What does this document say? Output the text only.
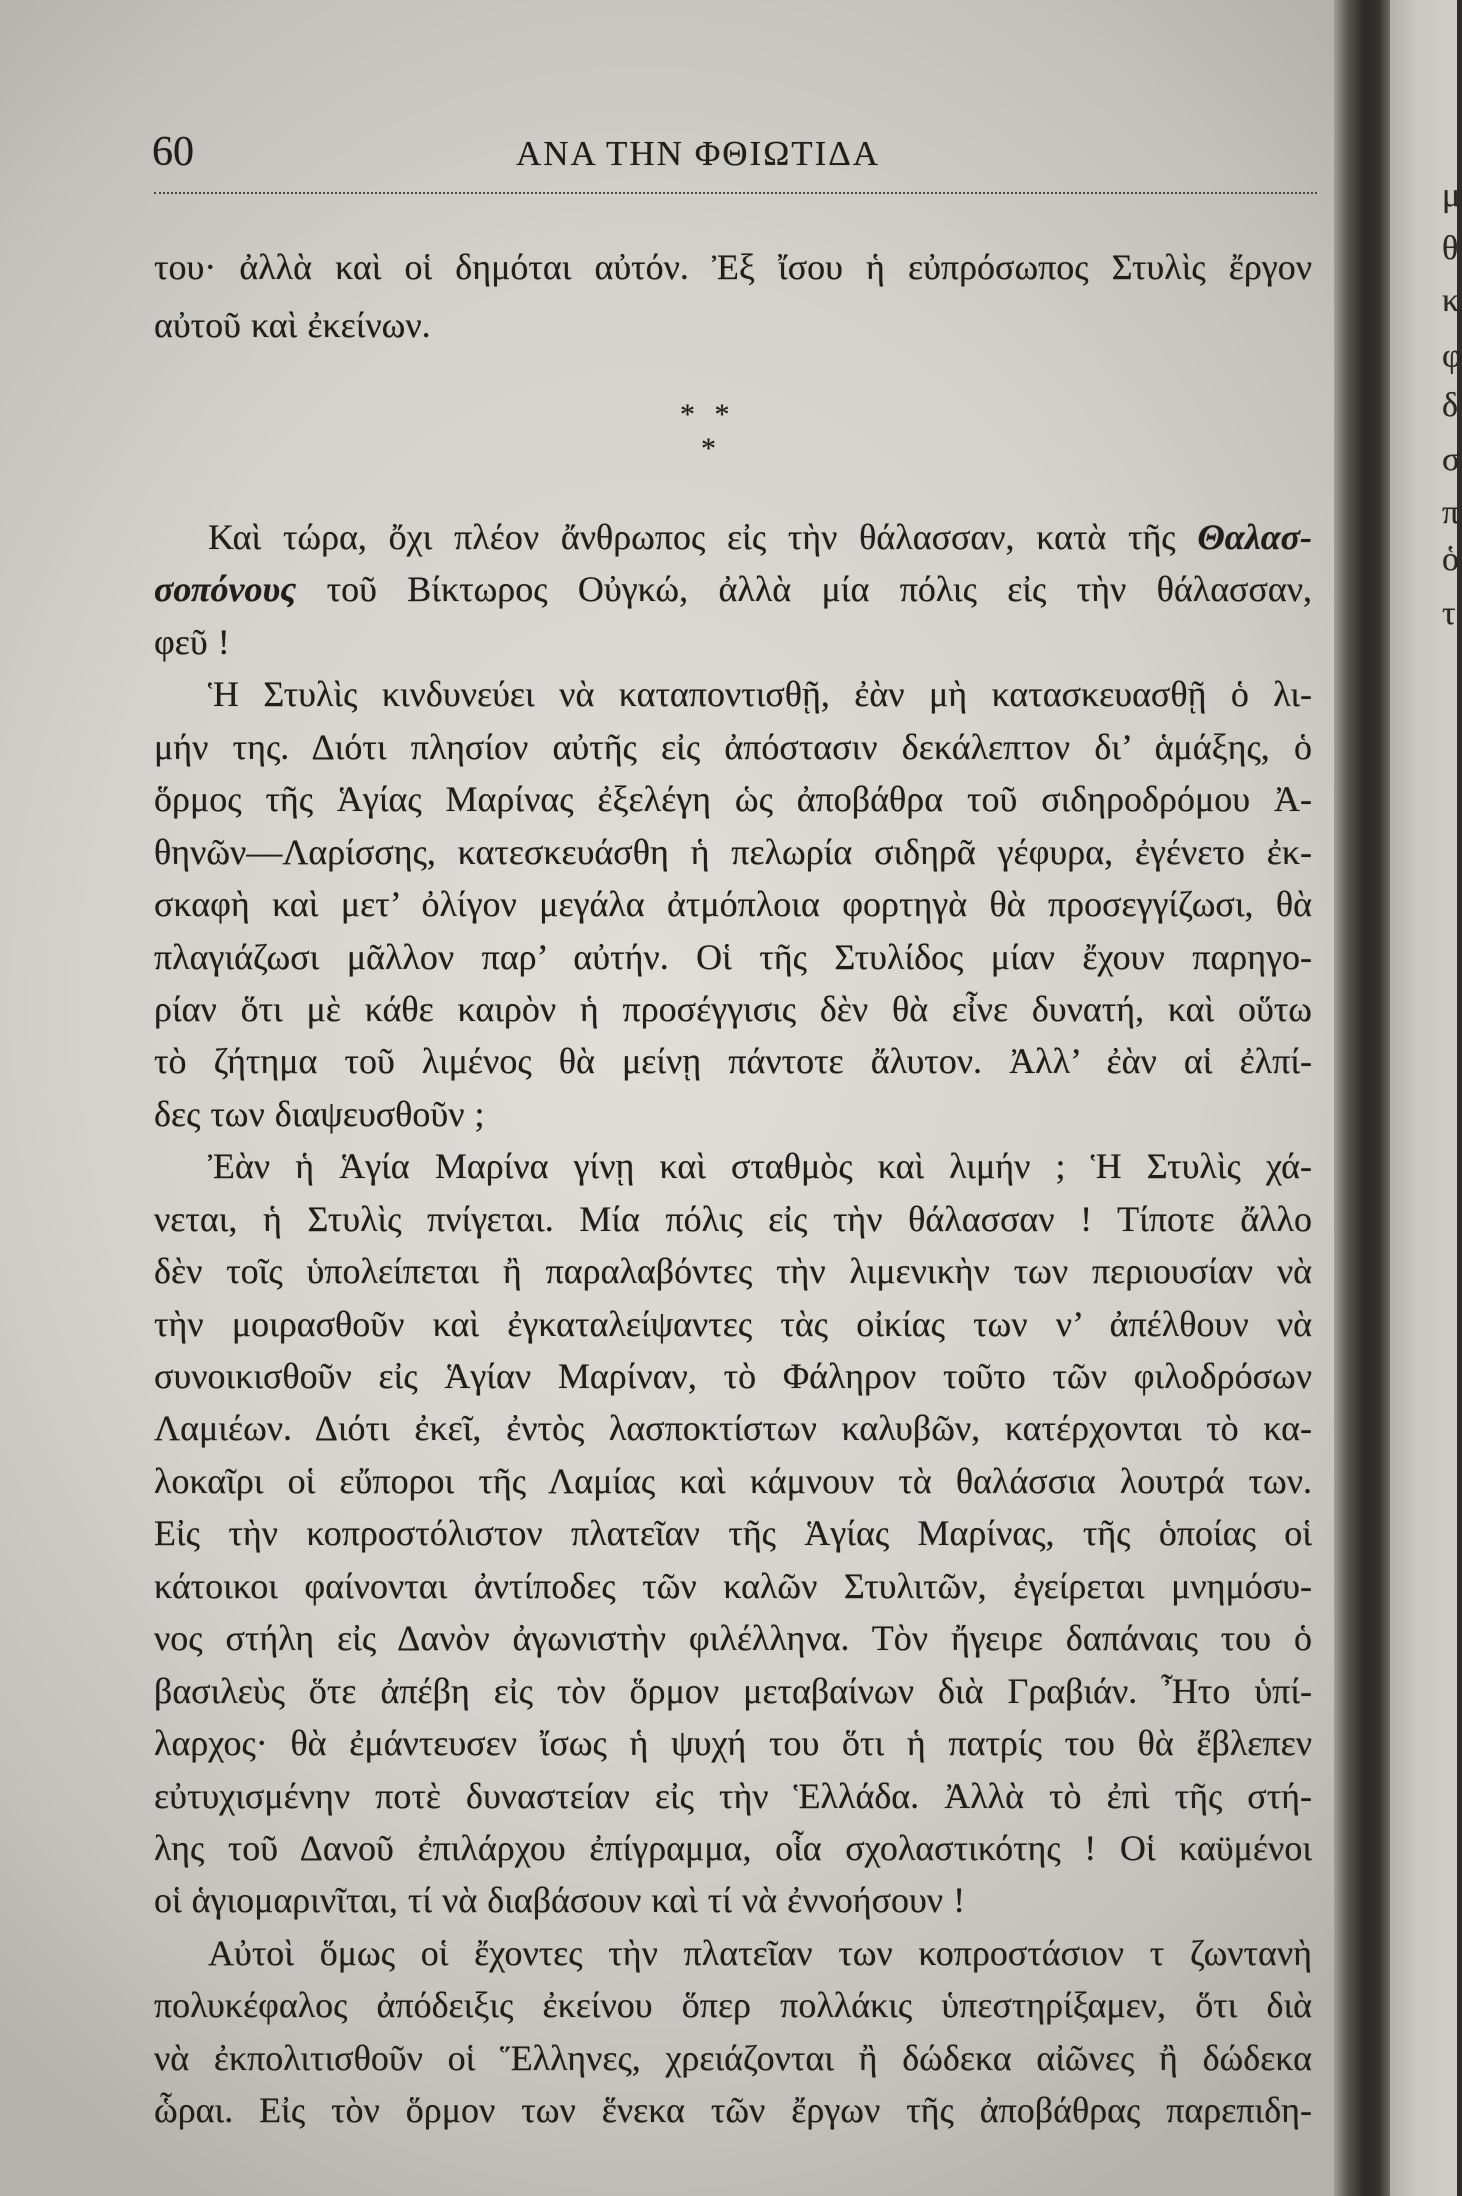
μ
θ
κ
φ
δ
σ
π
ὁ
τ
60	ΑΝΑ ΤΗΝ ΦΘΙΩΤΙΔΑ
του· ἀλλὰ καὶ οἱ δημόται αὐτόν. Ἐξ ἴσου ἡ εὐπρόσωπος Στυλὶς ἔργον
αὐτοῦ καὶ ἐκείνων.
* *
*
Καὶ τώρα, ὄχι πλέον ἄνθρωπος εἰς τὴν θάλασσαν, κατὰ τῆς Θαλασ-
σοπόνους τοῦ Βίκτωρος Οὐγκώ, ἀλλὰ μία πόλις εἰς τὴν θάλασσαν,
φεῦ !
Ἡ Στυλὶς κινδυνεύει νὰ καταποντισθῇ, ἐὰν μὴ κατασκευασθῇ ὁ λι-
μήν της. Διότι πλησίον αὐτῆς εἰς ἀπόστασιν δεκάλεπτον δι’ ἁμάξης, ὁ
ὅρμος τῆς Ἁγίας Μαρίνας ἐξελέγη ὡς ἀποβάθρα τοῦ σιδηροδρόμου Ἀ-
θηνῶν—Λαρίσσης, κατεσκευάσθη ἡ πελωρία σιδηρᾶ γέφυρα, ἐγένετο ἐκ-
σκαφὴ καὶ μετ’ ὀλίγον μεγάλα ἀτμόπλοια φορτηγὰ θὰ προσεγγίζωσι, θὰ
πλαγιάζωσι μᾶλλον παρ’ αὐτήν. Οἱ τῆς Στυλίδος μίαν ἔχουν παρηγο-
ρίαν ὅτι μὲ κάθε καιρὸν ἡ προσέγγισις δὲν θὰ εἶνε δυνατή, καὶ οὕτω
τὸ ζήτημα τοῦ λιμένος θὰ μείνῃ πάντοτε ἄλυτον. Ἀλλ’ ἐὰν αἱ ἐλπί-
δες των διαψευσθοῦν ;
Ἐὰν ἡ Ἁγία Μαρίνα γίνῃ καὶ σταθμὸς καὶ λιμήν ; Ἡ Στυλὶς χά-
νεται, ἡ Στυλὶς πνίγεται. Μία πόλις εἰς τὴν θάλασσαν ! Τίποτε ἄλλο
δὲν τοῖς ὑπολείπεται ἢ παραλαβόντες τὴν λιμενικὴν των περιουσίαν νὰ
τὴν μοιρασθοῦν καὶ ἐγκαταλείψαντες τὰς οἰκίας των ν’ ἀπέλθουν νὰ
συνοικισθοῦν εἰς Ἁγίαν Μαρίναν, τὸ Φάληρον τοῦτο τῶν φιλοδρόσων
Λαμιέων. Διότι ἐκεῖ, ἐντὸς λασποκτίστων καλυβῶν, κατέρχονται τὸ κα-
λοκαῖρι οἱ εὔποροι τῆς Λαμίας καὶ κάμνουν τὰ θαλάσσια λουτρά των.
Εἰς τὴν κοπροστόλιστον πλατεῖαν τῆς Ἁγίας Μαρίνας, τῆς ὁποίας οἱ
κάτοικοι φαίνονται ἀντίποδες τῶν καλῶν Στυλιτῶν, ἐγείρεται μνημόσυ-
νος στήλη εἰς Δανὸν ἀγωνιστὴν φιλέλληνα. Τὸν ἤγειρε δαπάναις του ὁ
βασιλεὺς ὅτε ἀπέβη εἰς τὸν ὅρμον μεταβαίνων διὰ Γραβιάν. Ἦτο ὑπί-
λαρχος· θὰ ἐμάντευσεν ἴσως ἡ ψυχή του ὅτι ἡ πατρίς του θὰ ἔβλεπεν
εὐτυχισμένην ποτὲ δυναστείαν εἰς τὴν Ἑλλάδα. Ἀλλὰ τὸ ἐπὶ τῆς στή-
λης τοῦ Δανοῦ ἐπιλάρχου ἐπίγραμμα, οἷα σχολαστικότης ! Οἱ καϋμένοι
οἱ ἁγιομαρινῖται, τί νὰ διαβάσουν καὶ τί νὰ ἐννοήσουν !
Αὐτοὶ ὅμως οἱ ἔχοντες τὴν πλατεῖαν των κοπροστάσιον τ ζωντανὴ
πολυκέφαλος ἀπόδειξις ἐκείνου ὅπερ πολλάκις ὑπεστηρίξαμεν, ὅτι διὰ
νὰ ἐκπολιτισθοῦν οἱ Ἕλληνες, χρειάζονται ἢ δώδεκα αἰῶνες ἢ δώδεκα
ὧραι. Εἰς τὸν ὅρμον των ἕνεκα τῶν ἔργων τῆς ἀποβάθρας παρεπιδη-
